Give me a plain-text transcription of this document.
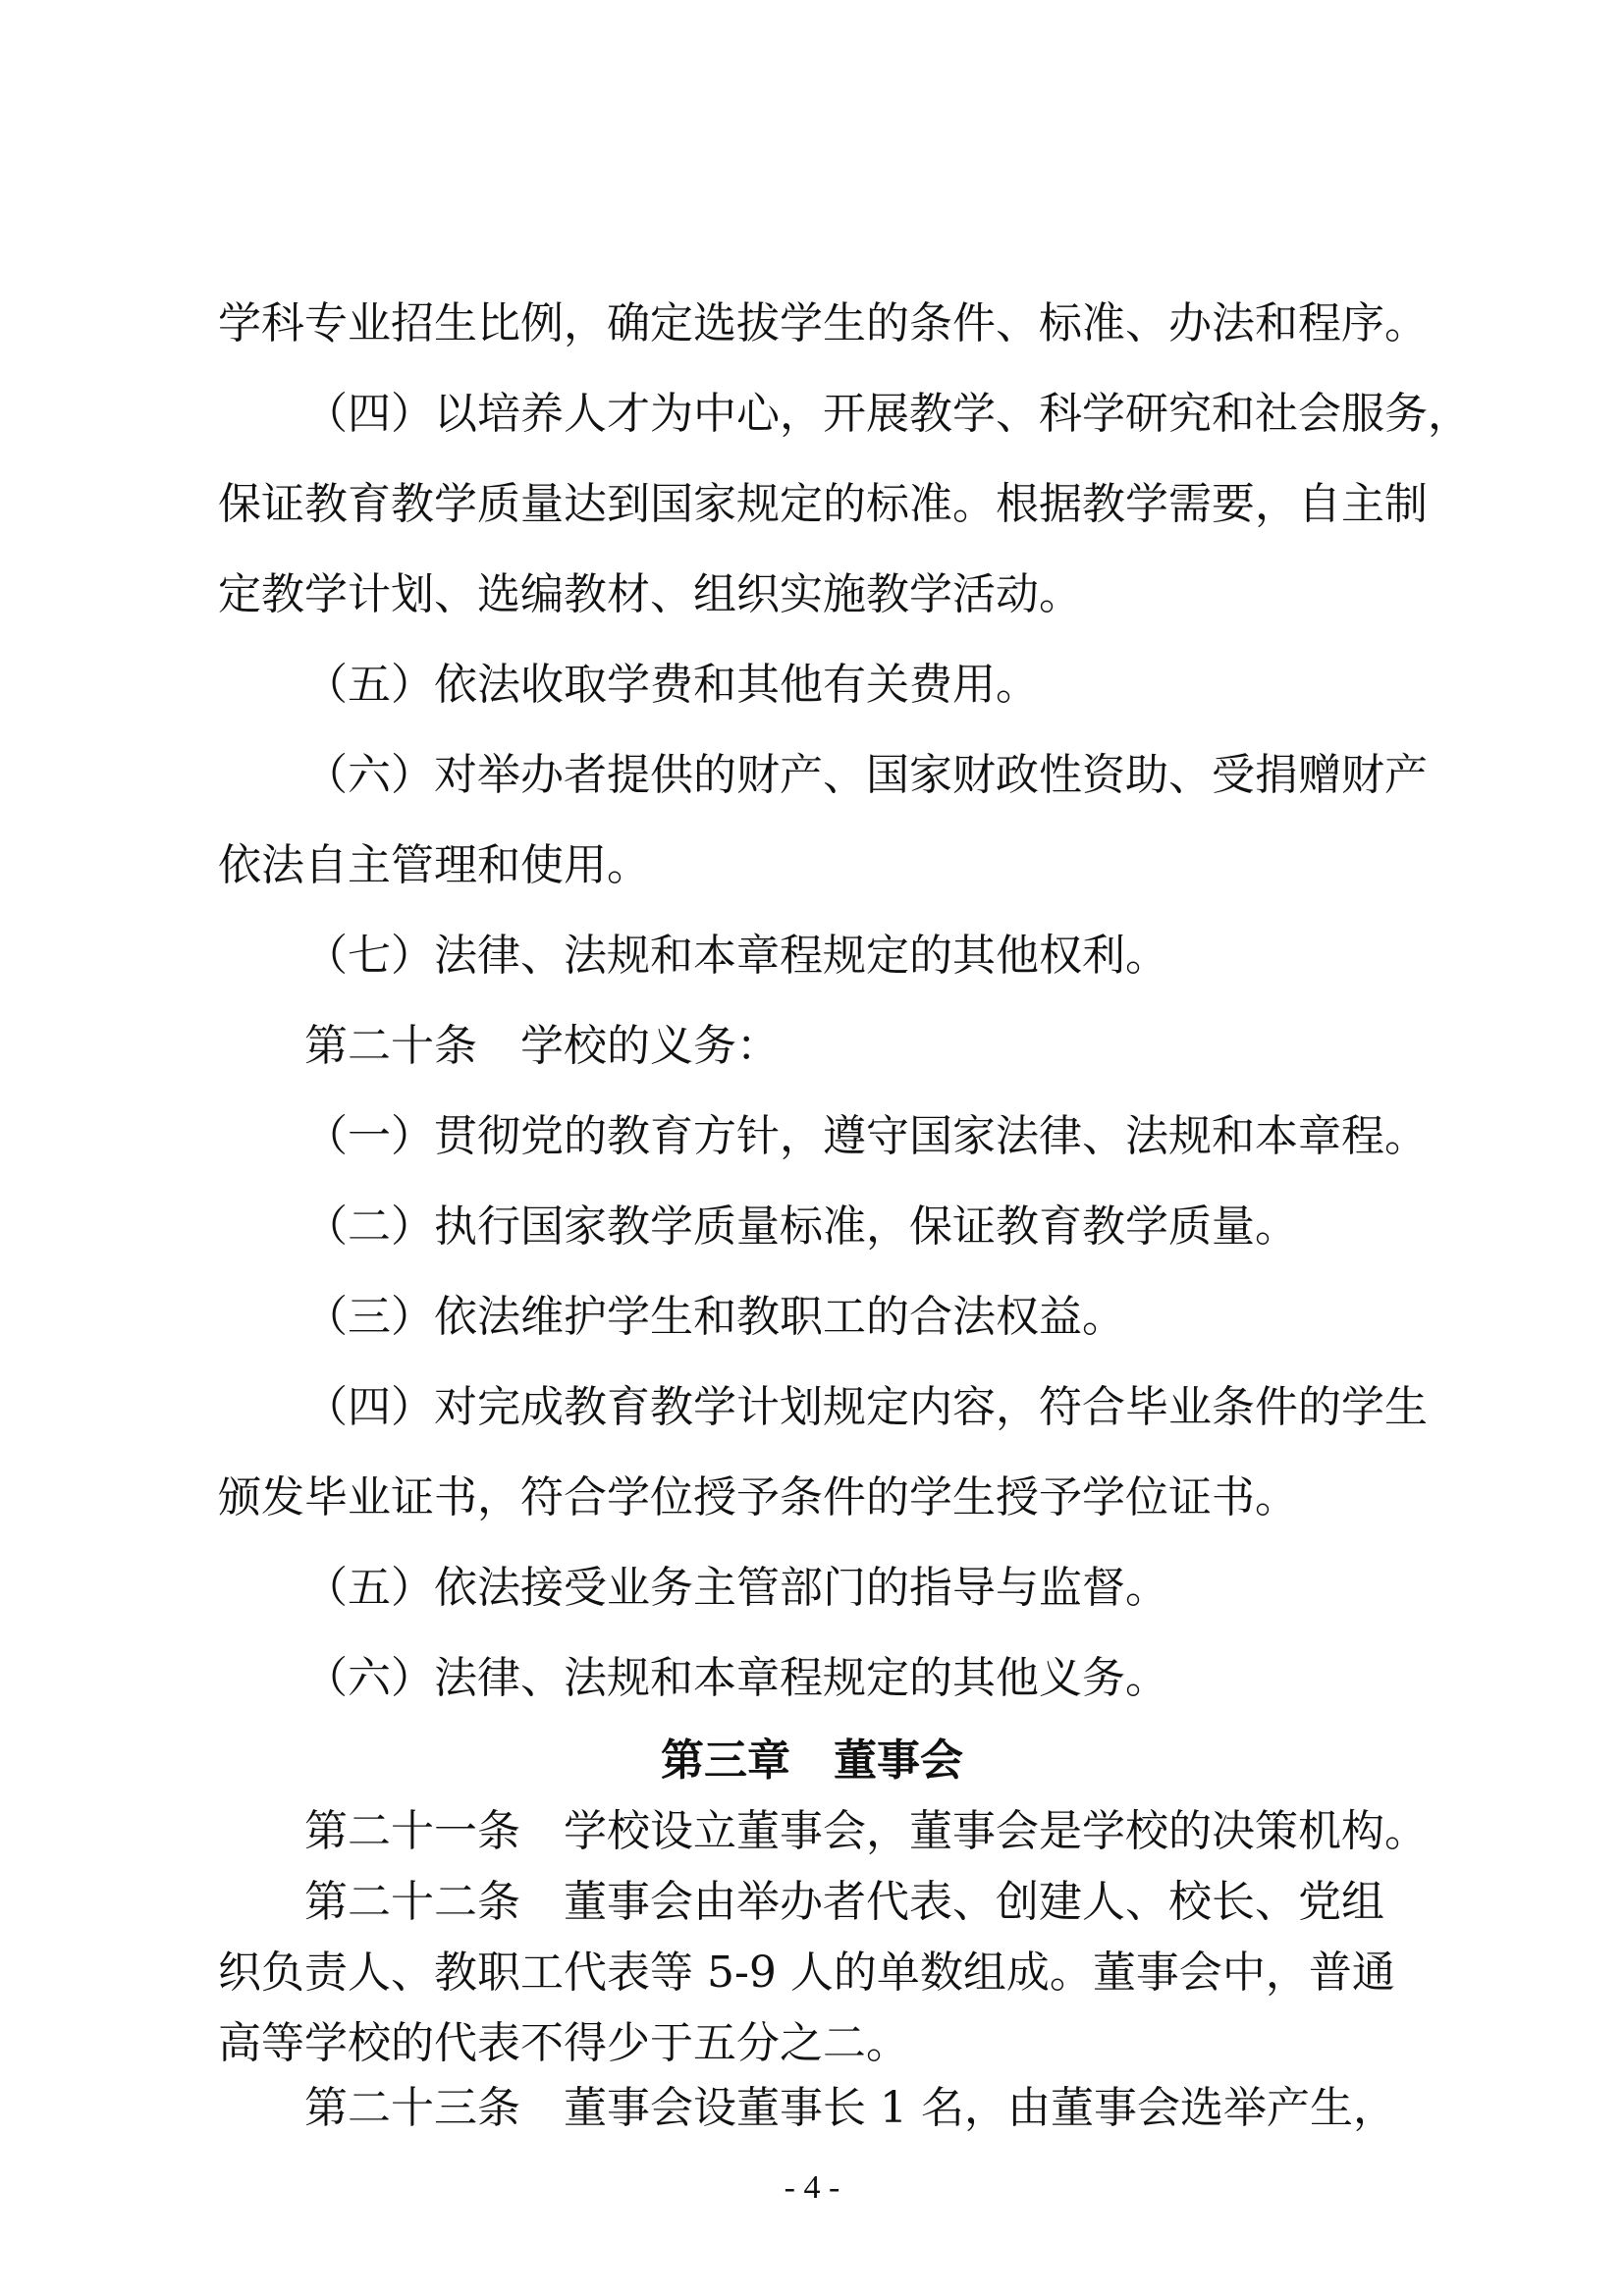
学科专业招生比例，确定选拔学生的条件、标准、办法和程序。
（四）以培养人才为中心，开展教学、科学研究和社会服务，
保证教育教学质量达到国家规定的标准。根据教学需要，自主制
定教学计划、选编教材、组织实施教学活动。
（五）依法收取学费和其他有关费用。
（六）对举办者提供的财产、国家财政性资助、受捐赠财产
依法自主管理和使用。
（七）法律、法规和本章程规定的其他权利。
第二十条　学校的义务：
（一）贯彻党的教育方针，遵守国家法律、法规和本章程。
（二）执行国家教学质量标准，保证教育教学质量。
（三）依法维护学生和教职工的合法权益。
（四）对完成教育教学计划规定内容，符合毕业条件的学生
颁发毕业证书，符合学位授予条件的学生授予学位证书。
（五）依法接受业务主管部门的指导与监督。
（六）法律、法规和本章程规定的其他义务。
第三章　董事会
第二十一条　学校设立董事会，董事会是学校的决策机构。
第二十二条　董事会由举办者代表、创建人、校长、党组
织负责人、教职工代表等 5-9 人的单数组成。董事会中，普通
高等学校的代表不得少于五分之二。
第二十三条　董事会设董事长 1 名，由董事会选举产生，
- 4 -
